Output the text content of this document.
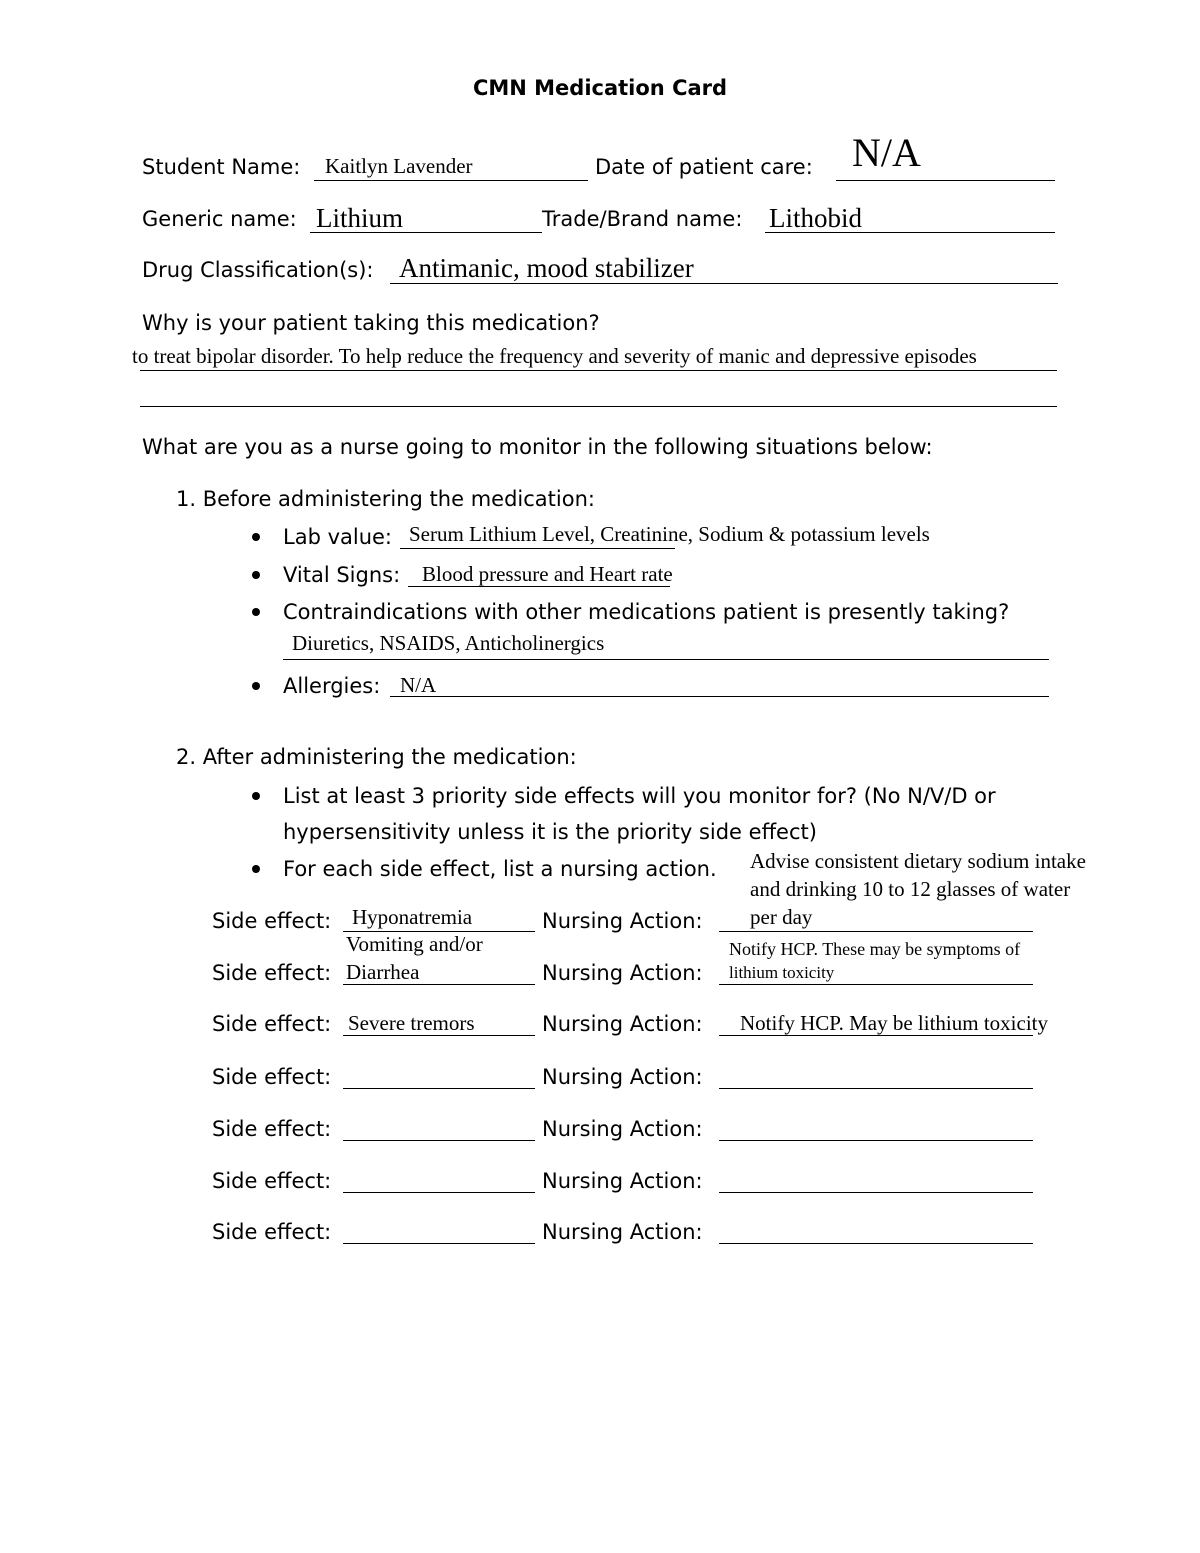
CMN Medication Card
Student Name: Kaitlyn Lavender	Date of patient care: N/A
Generic name: Lithium	Trade/Brand name: Lithobid
Drug Classification(s): Antimanic, mood stabilizer
Why is your patient taking this medication?
to treat bipolar disorder. To help reduce the frequency and severity of manic and depressive episodes
What are you as a nurse going to monitor in the following situations below:
1. Before administering the medication:
Lab value: Serum Lithium Level, Creatinine, Sodium & potassium levels
Vital Signs: Blood pressure and Heart rate
Contraindications with other medications patient is presently taking?
Diuretics, NSAIDS, Anticholinergics
Allergies: N/A
2. After administering the medication:
List at least 3 priority side effects will you monitor for? (No N/V/D or
hypersensitivity unless it is the priority side effect)
For each side effect, list a nursing action.
Side effect: Hyponatremia	Nursing Action:
Advise consistent dietary sodium intake
and drinking 10 to 12 glasses of water
per day
Side effect:
Vomiting and/or
Diarrhea	Nursing Action:
Notify HCP. These may be symptoms of
lithium toxicity
Side effect: Severe tremors	Nursing Action: Notify HCP. May be lithium toxicity
Side effect:	Nursing Action:
Side effect:	Nursing Action:
Side effect:	Nursing Action:
Side effect:	Nursing Action:
